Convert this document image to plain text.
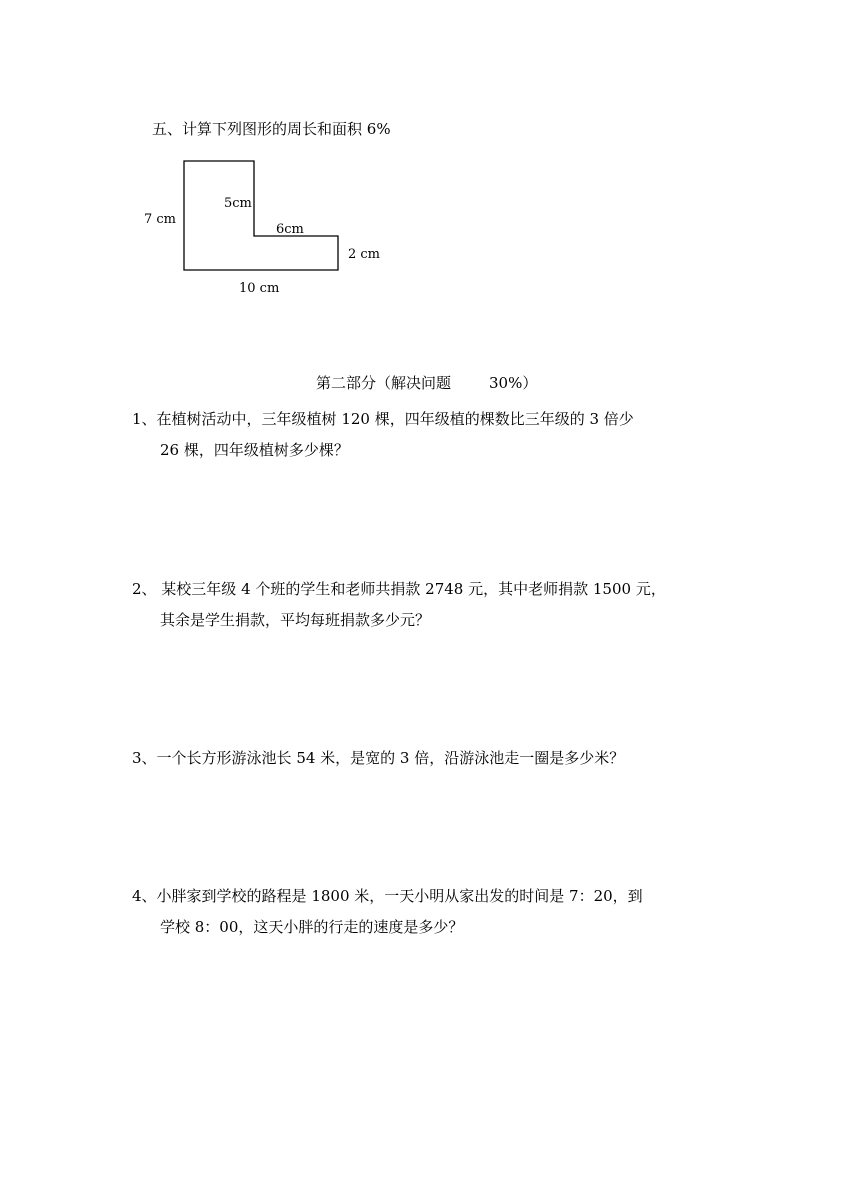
五、计算下列图形的周长和面积 6%
7 cm
5cm
6cm
2 cm
10 cm
第二部分（解决问题	30%）
1、在植树活动中，三年级植树 120 棵，四年级植的棵数比三年级的 3 倍少
26 棵，四年级植树多少棵？
2、 某校三年级 4 个班的学生和老师共捐款 2748 元，其中老师捐款 1500 元，
其余是学生捐款，平均每班捐款多少元？
3、一个长方形游泳池长 54 米，是宽的 3 倍，沿游泳池走一圈是多少米？
4、小胖家到学校的路程是 1800 米，一天小明从家出发的时间是 7：20，到
学校 8：00，这天小胖的行走的速度是多少？
